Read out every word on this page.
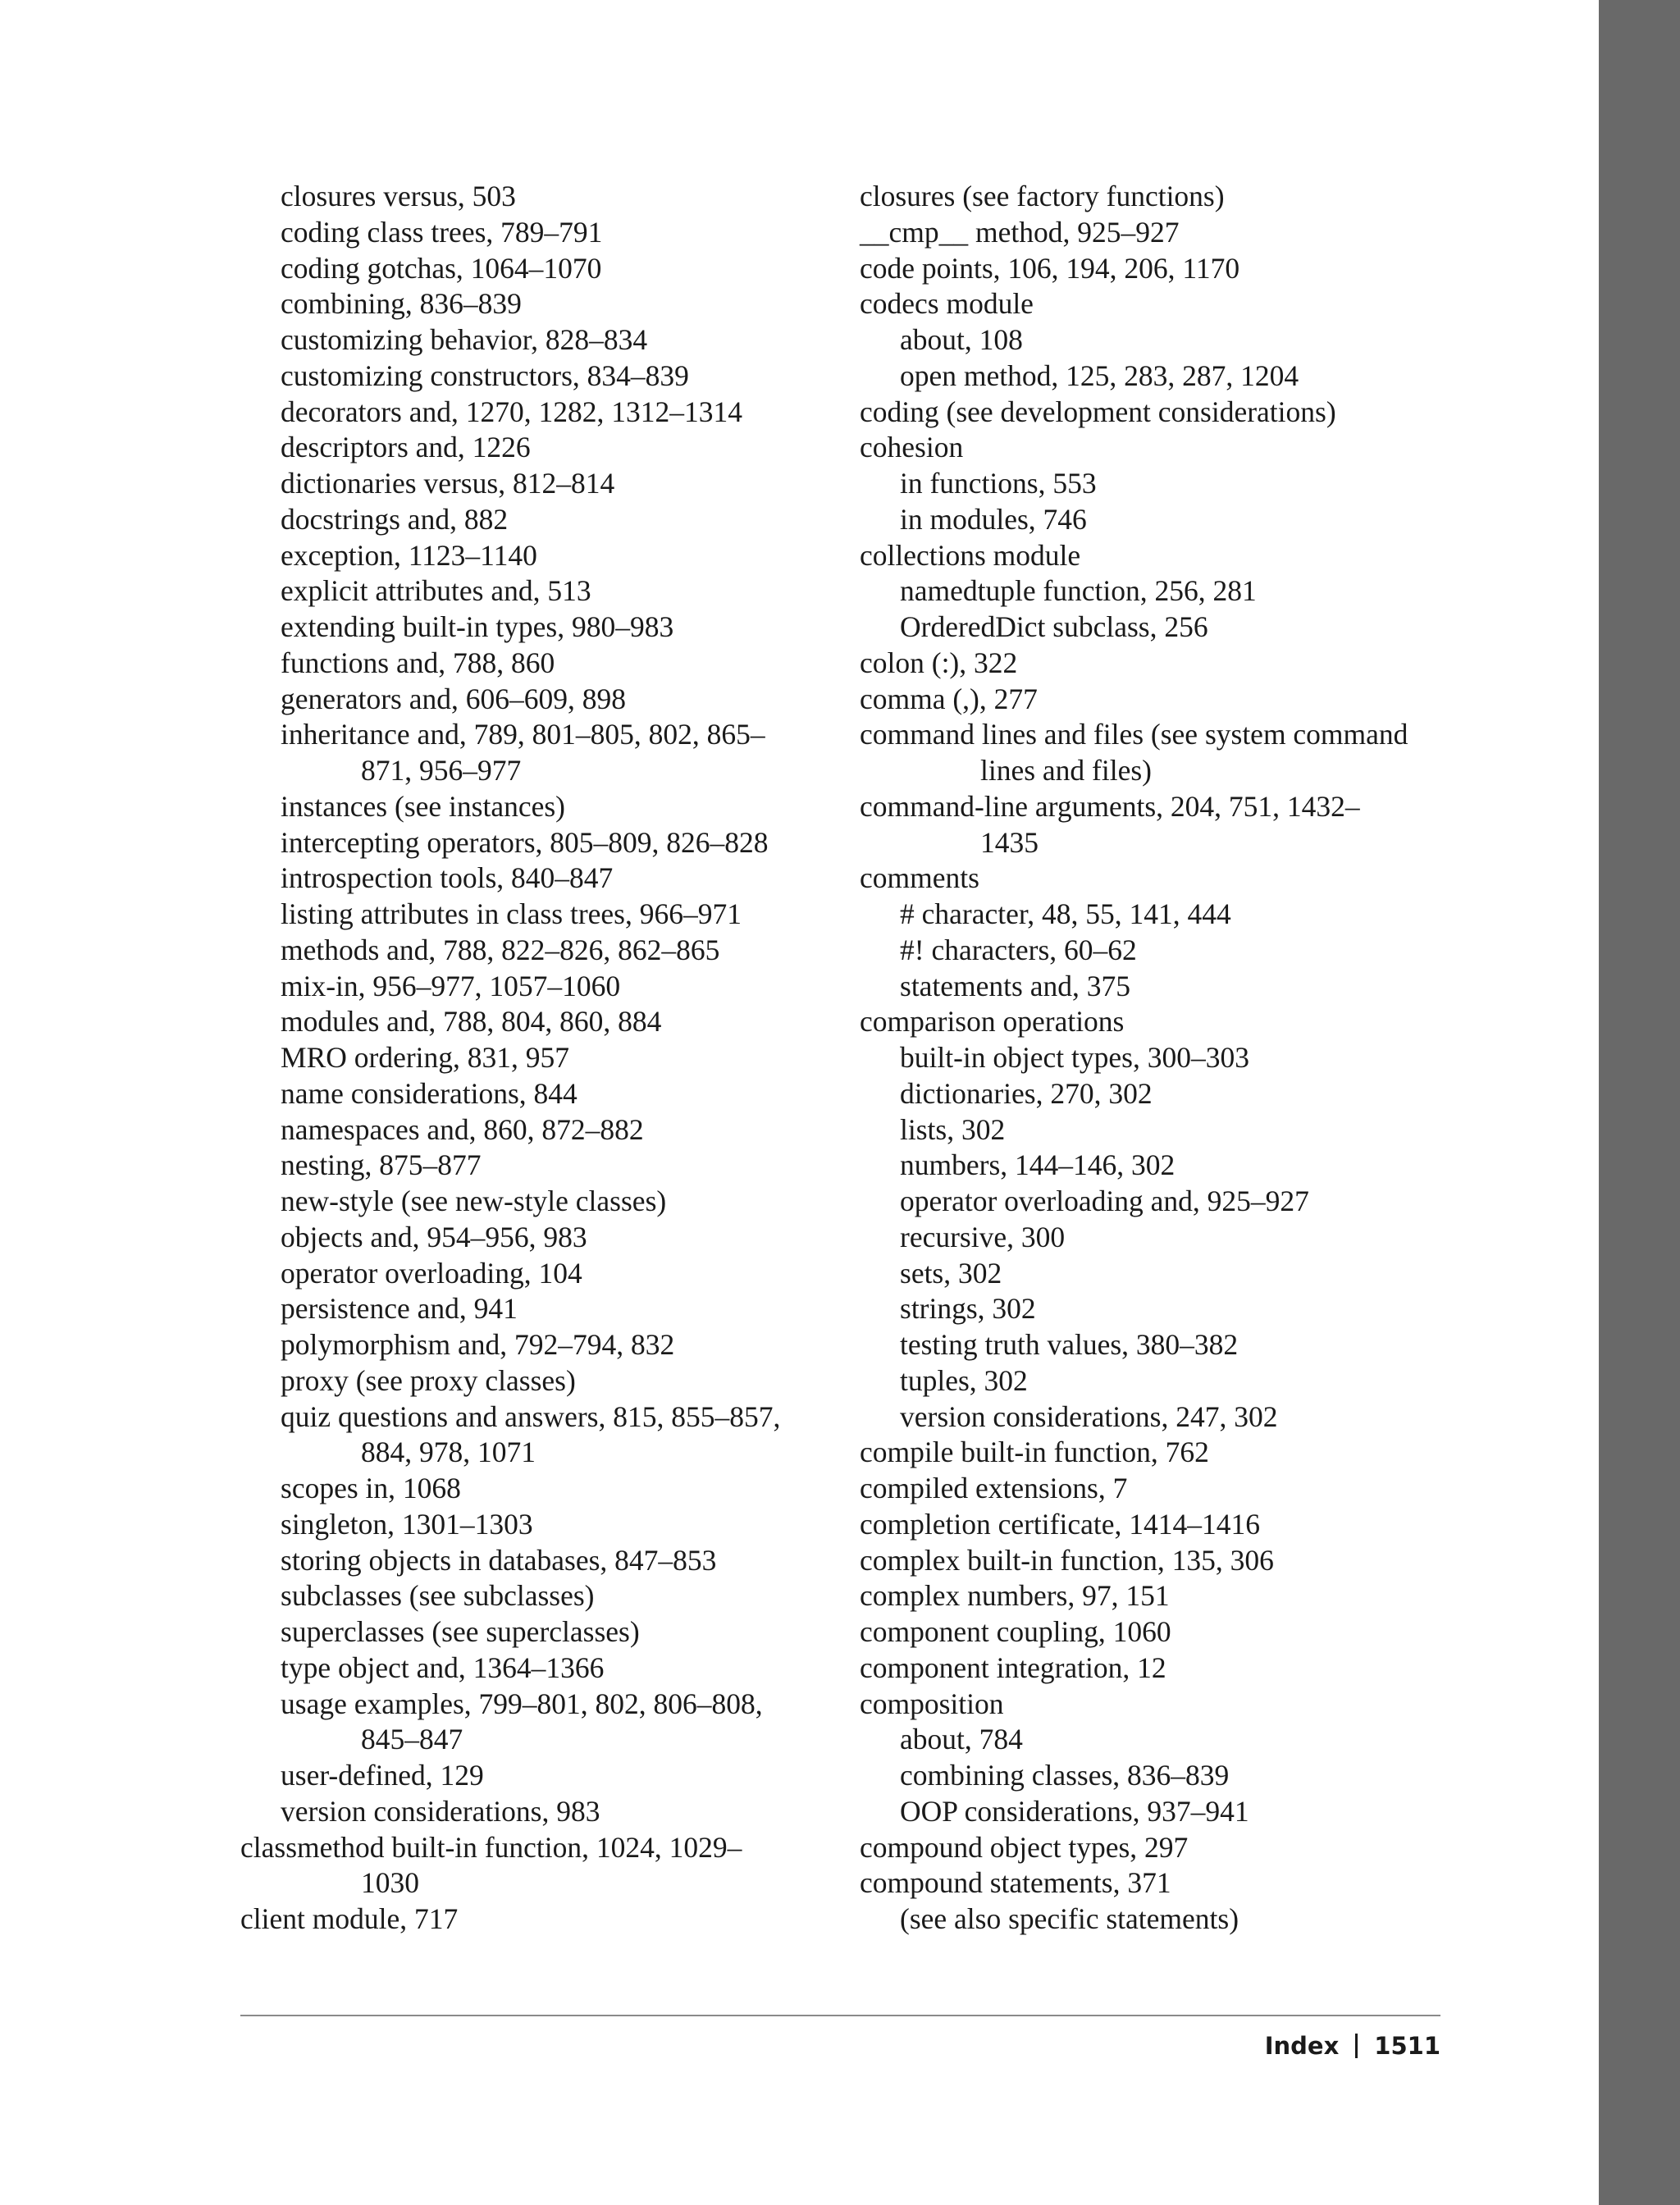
closures versus, 503
coding class trees, 789–791
coding gotchas, 1064–1070
combining, 836–839
customizing behavior, 828–834
customizing constructors, 834–839
decorators and, 1270, 1282, 1312–1314
descriptors and, 1226
dictionaries versus, 812–814
docstrings and, 882
exception, 1123–1140
explicit attributes and, 513
extending built-in types, 980–983
functions and, 788, 860
generators and, 606–609, 898
inheritance and, 789, 801–805, 802, 865–
871, 956–977
instances (see instances)
intercepting operators, 805–809, 826–828
introspection tools, 840–847
listing attributes in class trees, 966–971
methods and, 788, 822–826, 862–865
mix-in, 956–977, 1057–1060
modules and, 788, 804, 860, 884
MRO ordering, 831, 957
name considerations, 844
namespaces and, 860, 872–882
nesting, 875–877
new-style (see new-style classes)
objects and, 954–956, 983
operator overloading, 104
persistence and, 941
polymorphism and, 792–794, 832
proxy (see proxy classes)
quiz questions and answers, 815, 855–857,
884, 978, 1071
scopes in, 1068
singleton, 1301–1303
storing objects in databases, 847–853
subclasses (see subclasses)
superclasses (see superclasses)
type object and, 1364–1366
usage examples, 799–801, 802, 806–808,
845–847
user-defined, 129
version considerations, 983
classmethod built-in function, 1024, 1029–
1030
client module, 717
closures (see factory functions)
__cmp__ method, 925–927
code points, 106, 194, 206, 1170
codecs module
about, 108
open method, 125, 283, 287, 1204
coding (see development considerations)
cohesion
in functions, 553
in modules, 746
collections module
namedtuple function, 256, 281
OrderedDict subclass, 256
colon (:), 322
comma (,), 277
command lines and files (see system command
lines and files)
command-line arguments, 204, 751, 1432–
1435
comments
# character, 48, 55, 141, 444
#! characters, 60–62
statements and, 375
comparison operations
built-in object types, 300–303
dictionaries, 270, 302
lists, 302
numbers, 144–146, 302
operator overloading and, 925–927
recursive, 300
sets, 302
strings, 302
testing truth values, 380–382
tuples, 302
version considerations, 247, 302
compile built-in function, 762
compiled extensions, 7
completion certificate, 1414–1416
complex built-in function, 135, 306
complex numbers, 97, 151
component coupling, 1060
component integration, 12
composition
about, 784
combining classes, 836–839
OOP considerations, 937–941
compound object types, 297
compound statements, 371
(see also specific statements)
Index 1511
